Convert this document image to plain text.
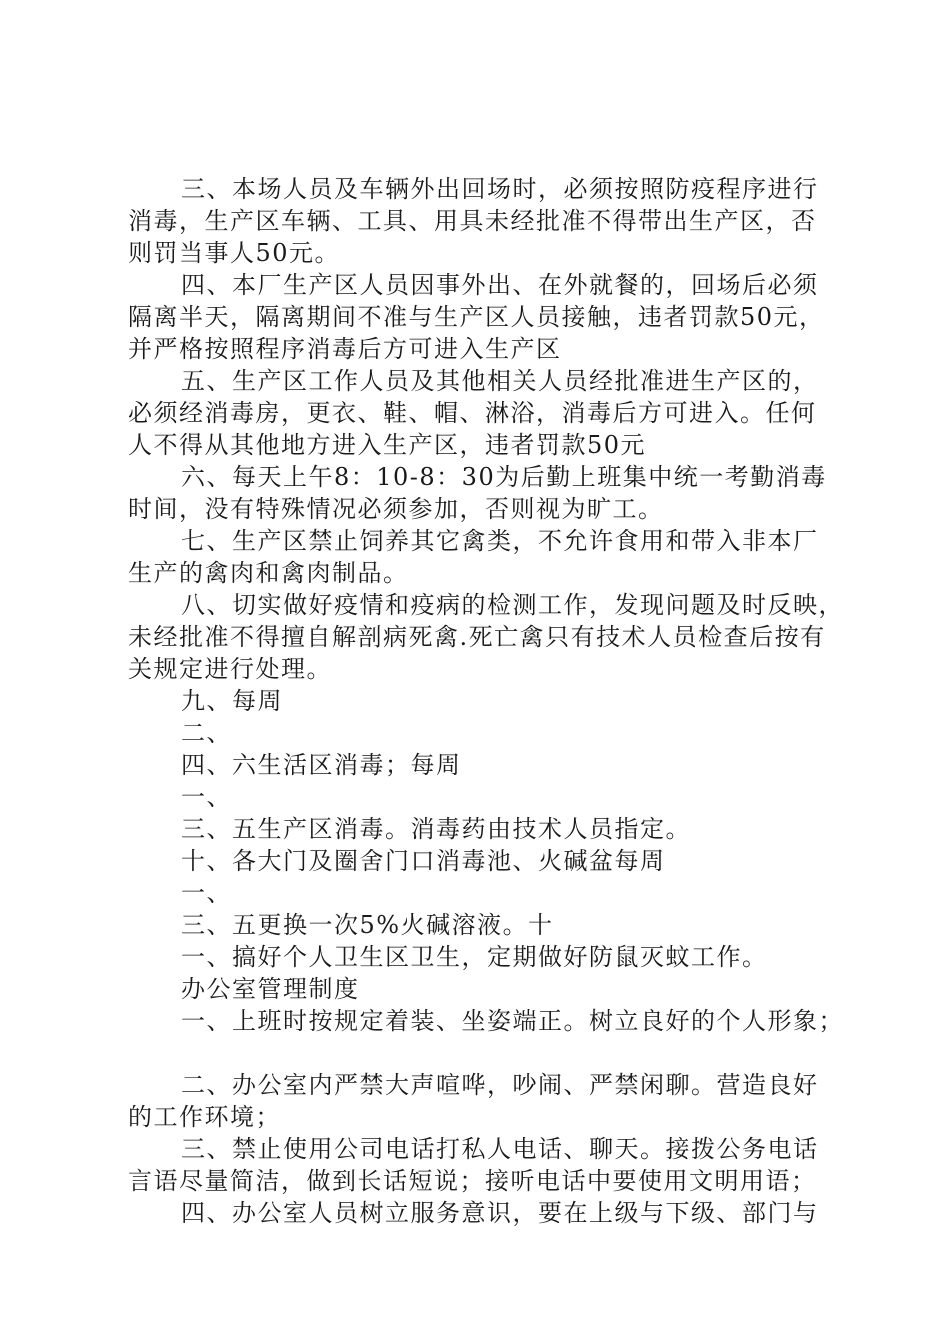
三、本场人员及车辆外出回场时，必须按照防疫程序进行
消毒，生产区车辆、工具、用具未经批准不得带出生产区，否
则罚当事人50元。
四、本厂生产区人员因事外出、在外就餐的，回场后必须
隔离半天，隔离期间不准与生产区人员接触，违者罚款50元，
并严格按照程序消毒后方可进入生产区
五、生产区工作人员及其他相关人员经批准进生产区的，
必须经消毒房，更衣、鞋、帽、淋浴，消毒后方可进入。任何
人不得从其他地方进入生产区，违者罚款50元
六、每天上午8：10-8：30为后勤上班集中统一考勤消毒
时间，没有特殊情况必须参加，否则视为旷工。
七、生产区禁止饲养其它禽类，不允许食用和带入非本厂
生产的禽肉和禽肉制品。
八、切实做好疫情和疫病的检测工作，发现问题及时反映，
未经批准不得擅自解剖病死禽.死亡禽只有技术人员检查后按有
关规定进行处理。
九、每周
二、
四、六生活区消毒；每周
一、
三、五生产区消毒。消毒药由技术人员指定。
十、各大门及圈舍门口消毒池、火碱盆每周
一、
三、五更换一次5%火碱溶液。十
一、搞好个人卫生区卫生，定期做好防鼠灭蚊工作。
办公室管理制度
一、上班时按规定着装、坐姿端正。树立良好的个人形象；
二、办公室内严禁大声喧哗，吵闹、严禁闲聊。营造良好
的工作环境；
三、禁止使用公司电话打私人电话、聊天。接拨公务电话
言语尽量简洁，做到长话短说；接听电话中要使用文明用语；
四、办公室人员树立服务意识，要在上级与下级、部门与
